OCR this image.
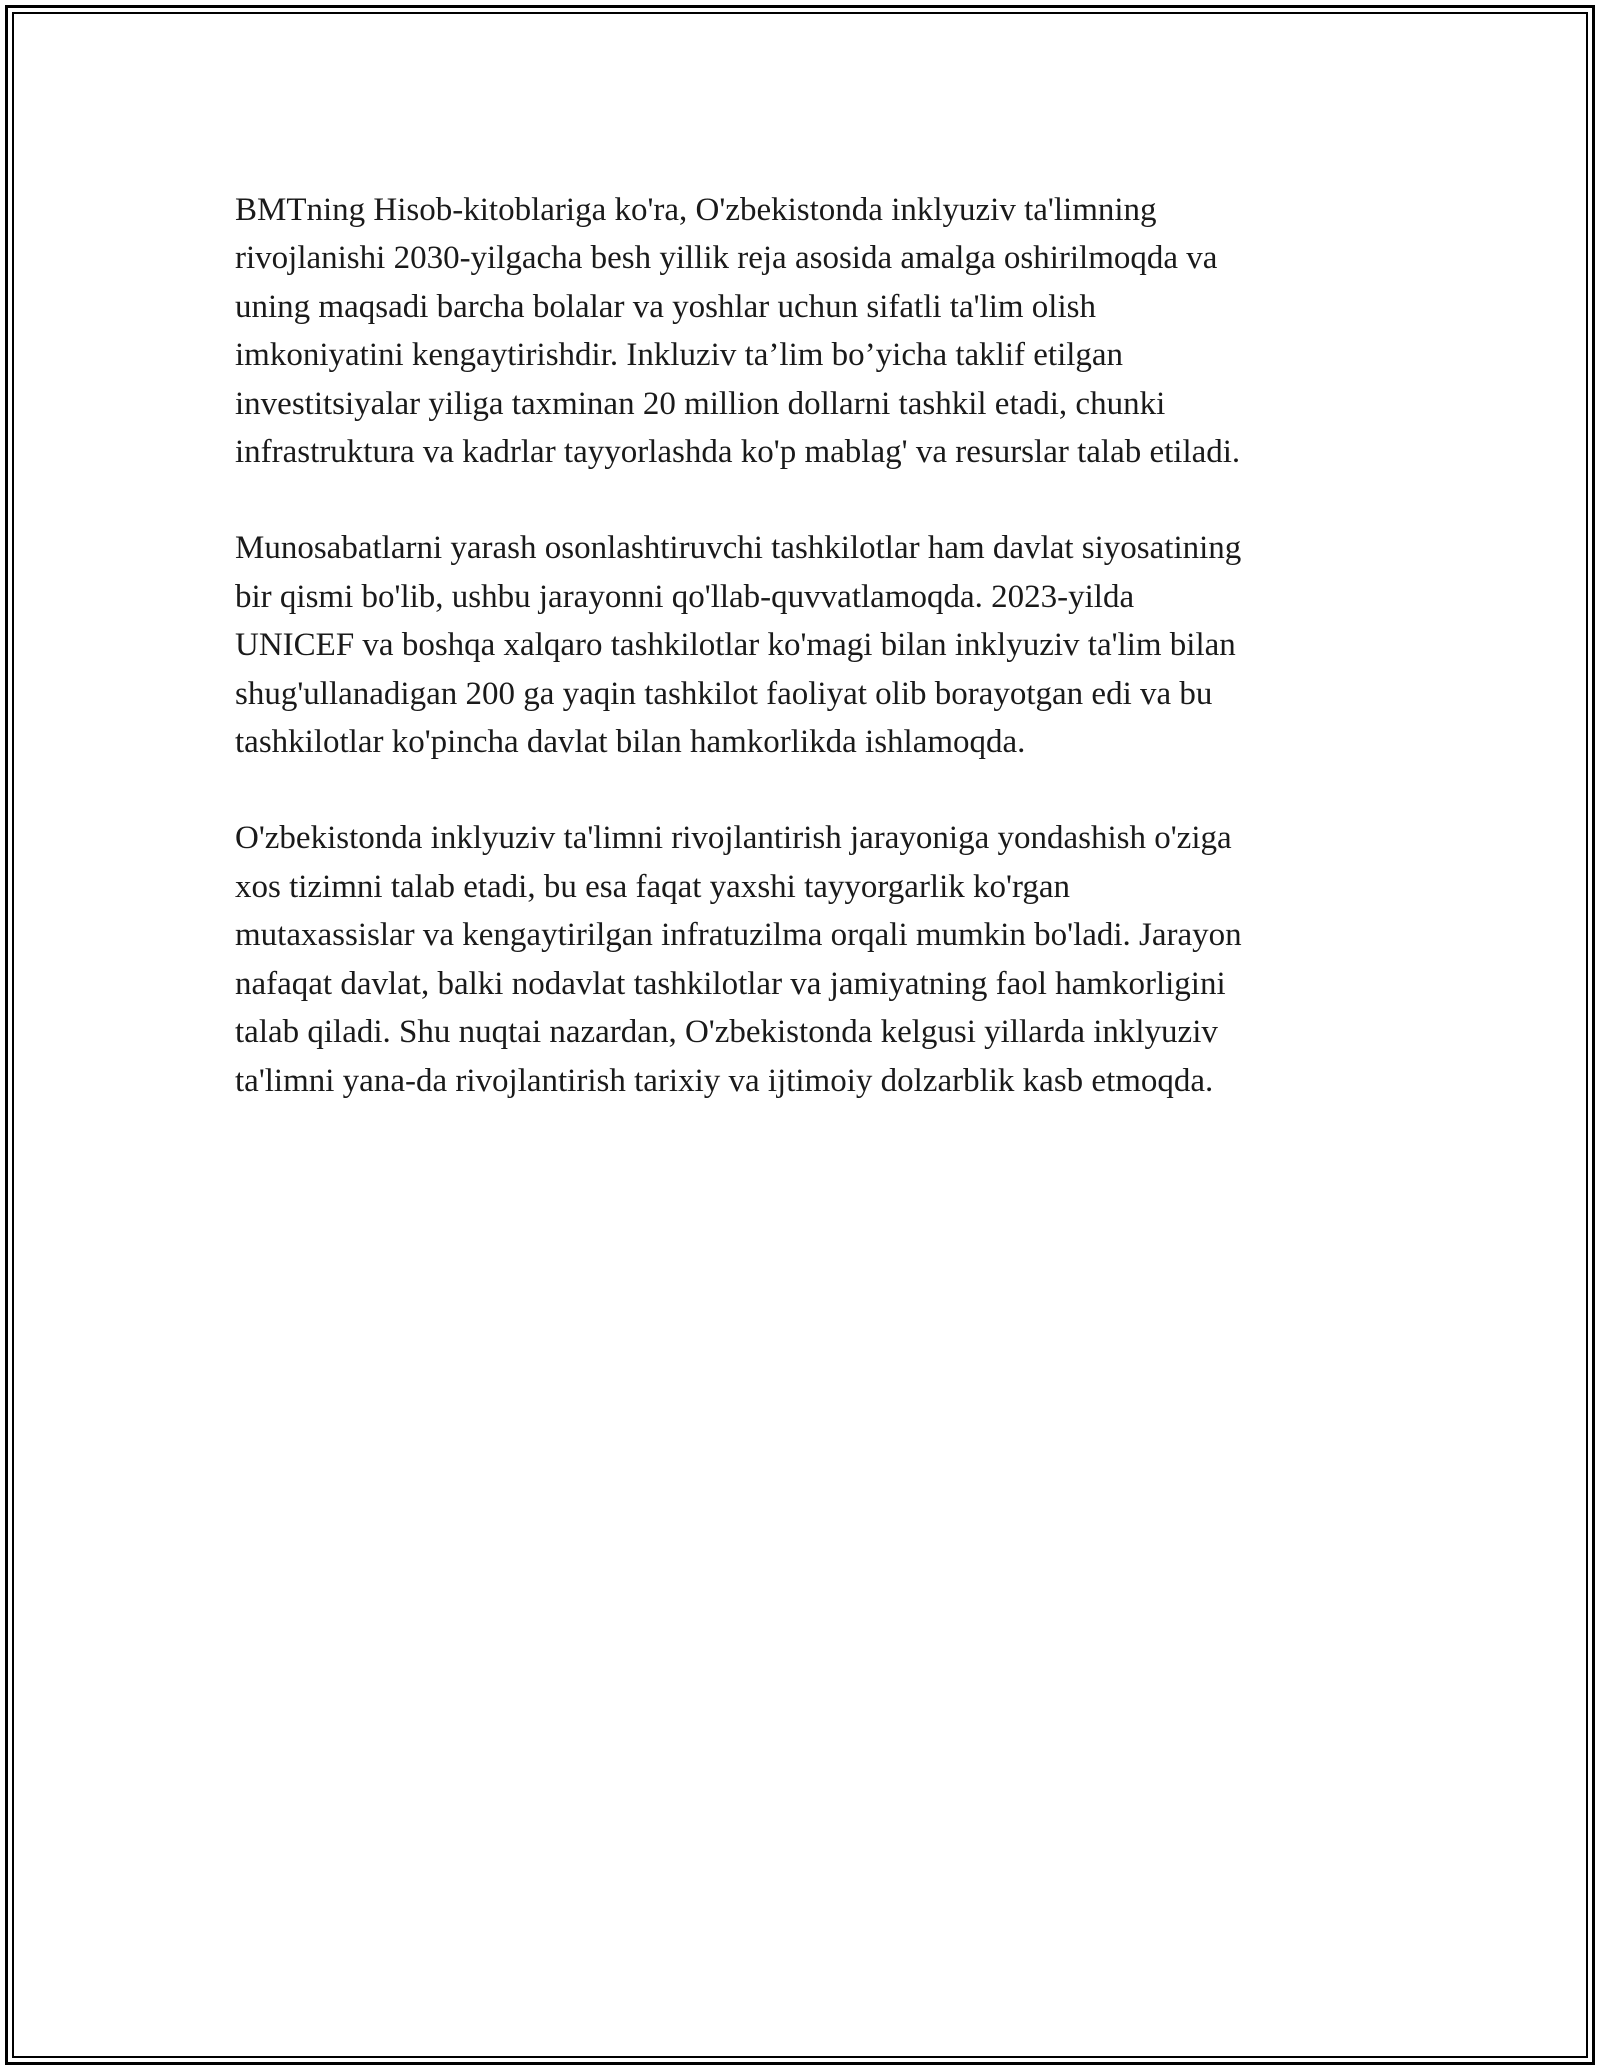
BMTning Hisob-kitoblariga ko'ra, O'zbekistonda inklyuziv ta'limning
rivojlanishi 2030-yilgacha besh yillik reja asosida amalga oshirilmoqda va
uning maqsadi barcha bolalar va yoshlar uchun sifatli ta'lim olish
imkoniyatini kengaytirishdir. Inkluziv ta’lim bo’yicha taklif etilgan
investitsiyalar yiliga taxminan 20 million dollarni tashkil etadi, chunki
infrastruktura va kadrlar tayyorlashda ko'p mablag' va resurslar talab etiladi.

Munosabatlarni yarash osonlashtiruvchi tashkilotlar ham davlat siyosatining
bir qismi bo'lib, ushbu jarayonni qo'llab-quvvatlamoqda. 2023-yilda
UNICEF va boshqa xalqaro tashkilotlar ko'magi bilan inklyuziv ta'lim bilan
shug'ullanadigan 200 ga yaqin tashkilot faoliyat olib borayotgan edi va bu
tashkilotlar ko'pincha davlat bilan hamkorlikda ishlamoqda.

O'zbekistonda inklyuziv ta'limni rivojlantirish jarayoniga yondashish o'ziga
xos tizimni talab etadi, bu esa faqat yaxshi tayyorgarlik ko'rgan
mutaxassislar va kengaytirilgan infratuzilma orqali mumkin bo'ladi. Jarayon
nafaqat davlat, balki nodavlat tashkilotlar va jamiyatning faol hamkorligini
talab qiladi. Shu nuqtai nazardan, O'zbekistonda kelgusi yillarda inklyuziv
ta'limni yana-da rivojlantirish tarixiy va ijtimoiy dolzarblik kasb etmoqda.
